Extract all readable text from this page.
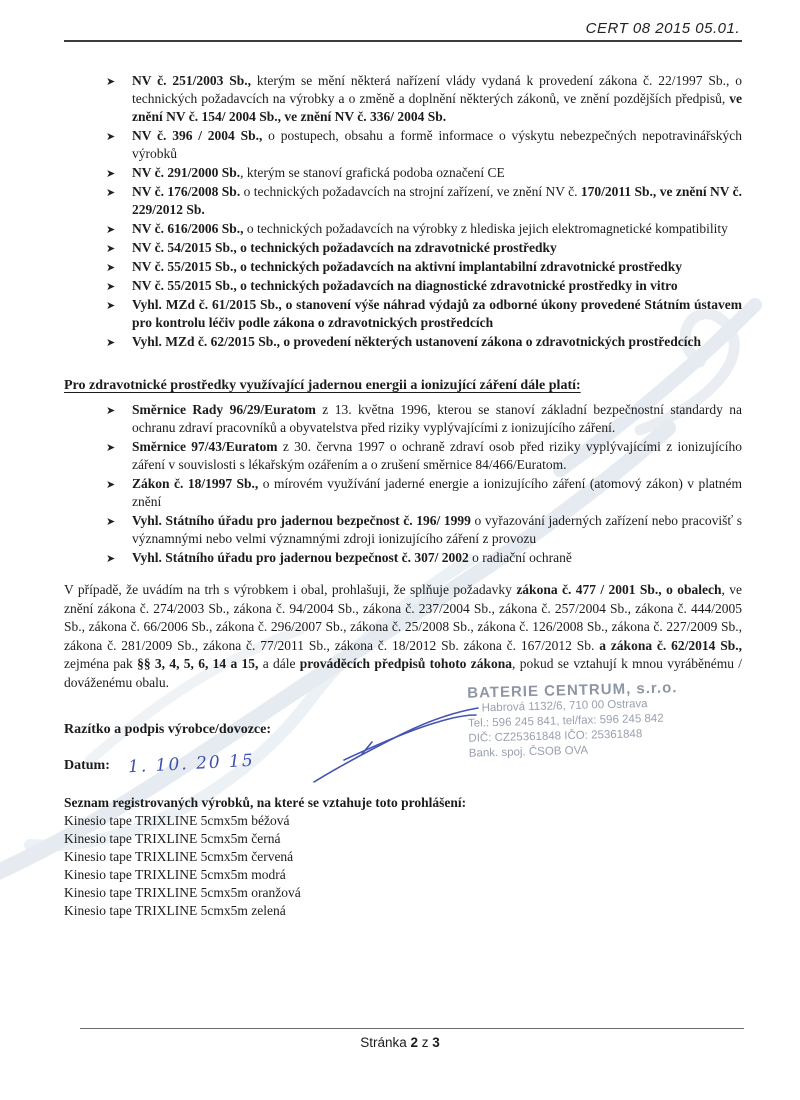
CERT 08 2015 05.01.
➤ NV č. 251/2003 Sb., kterým se mění některá nařízení vlády vydaná k provedení zákona č. 22/1997 Sb., o technických požadavcích na výrobky a o změně a doplnění některých zákonů, ve znění pozdějších předpisů, ve znění NV č. 154/ 2004 Sb., ve znění NV č. 336/ 2004 Sb.
➤ NV č. 396 / 2004 Sb., o postupech, obsahu a formě informace o výskytu nebezpečných nepotravinářských výrobků
➤ NV č. 291/2000 Sb., kterým se stanoví grafická podoba označení CE
➤ NV č. 176/2008 Sb. o technických požadavcích na strojní zařízení, ve znění NV č. 170/2011 Sb., ve znění NV č. 229/2012 Sb.
➤ NV č. 616/2006 Sb., o technických požadavcích na výrobky z hlediska jejich elektromagnetické kompatibility
➤ NV č. 54/2015 Sb., o technických požadavcích na zdravotnické prostředky
➤ NV č. 55/2015 Sb., o technických požadavcích na aktivní implantabilní zdravotnické prostředky
➤ NV č. 55/2015 Sb., o technických požadavcích na diagnostické zdravotnické prostředky in vitro
➤ Vyhl. MZd č. 61/2015 Sb., o stanovení výše náhrad výdajů za odborné úkony provedené Státním ústavem pro kontrolu léčiv podle zákona o zdravotnických prostředcích
➤ Vyhl. MZd č. 62/2015 Sb., o provedení některých ustanovení zákona o zdravotnických prostředcích
Pro zdravotnické prostředky využívající jadernou energii a ionizující záření dále platí:
➤ Směrnice Rady 96/29/Euratom z 13. května 1996, kterou se stanoví základní bezpečnostní standardy na ochranu zdraví pracovníků a obyvatelstva před riziky vyplývajícími z ionizujícího záření.
➤ Směrnice 97/43/Euratom z 30. června 1997 o ochraně zdraví osob před riziky vyplývajícími z ionizujícího záření v souvislosti s lékařským ozářením a o zrušení směrnice 84/466/Euratom.
➤ Zákon č. 18/1997 Sb., o mírovém využívání jaderné energie a ionizujícího záření (atomový zákon) v platném znění
➤ Vyhl. Státního úřadu pro jadernou bezpečnost č. 196/ 1999 o vyřazování jaderných zařízení nebo pracovišť s významnými nebo velmi významnými zdroji ionizujícího záření z provozu
➤ Vyhl. Státního úřadu pro jadernou bezpečnost č. 307/ 2002 o radiační ochraně

V případě, že uvádím na trh s výrobkem i obal, prohlašuji, že splňuje požadavky zákona č. 477 / 2001 Sb., o obalech, ve znění zákona č. 274/2003 Sb., zákona č. 94/2004 Sb., zákona č. 237/2004 Sb., zákona č. 257/2004 Sb., zákona č. 444/2005 Sb., zákona č. 66/2006 Sb., zákona č. 296/2007 Sb., zákona č. 25/2008 Sb., zákona č. 126/2008 Sb., zákona č. 227/2009 Sb., zákona č. 281/2009 Sb., zákona č. 77/2011 Sb., zákona č. 18/2012 Sb. zákona č. 167/2012 Sb. a zákona č. 62/2014 Sb., zejména pak §§ 3, 4, 5, 6, 14 a 15, a dále prováděcích předpisů tohoto zákona, pokud se vztahují k mnou vyráběnému / dováženému obalu.

Razítko a podpis výrobce/dovozce:
Datum: 1. 10. 20 15
BATERIE CENTRUM, s.r.o.
Habrová 1132/6, 710 00 Ostrava
Tel.: 596 245 841, tel/fax: 596 245 842
DIČ: CZ25361848 IČO: 25361848
Bank. spoj. ČSOB OVA
Seznam registrovaných výrobků, na které se vztahuje toto prohlášení:
Kinesio tape TRIXLINE 5cmx5m béžová
Kinesio tape TRIXLINE 5cmx5m černá
Kinesio tape TRIXLINE 5cmx5m červená
Kinesio tape TRIXLINE 5cmx5m modrá
Kinesio tape TRIXLINE 5cmx5m oranžová
Kinesio tape TRIXLINE 5cmx5m zelená
Stránka 2 z 3
